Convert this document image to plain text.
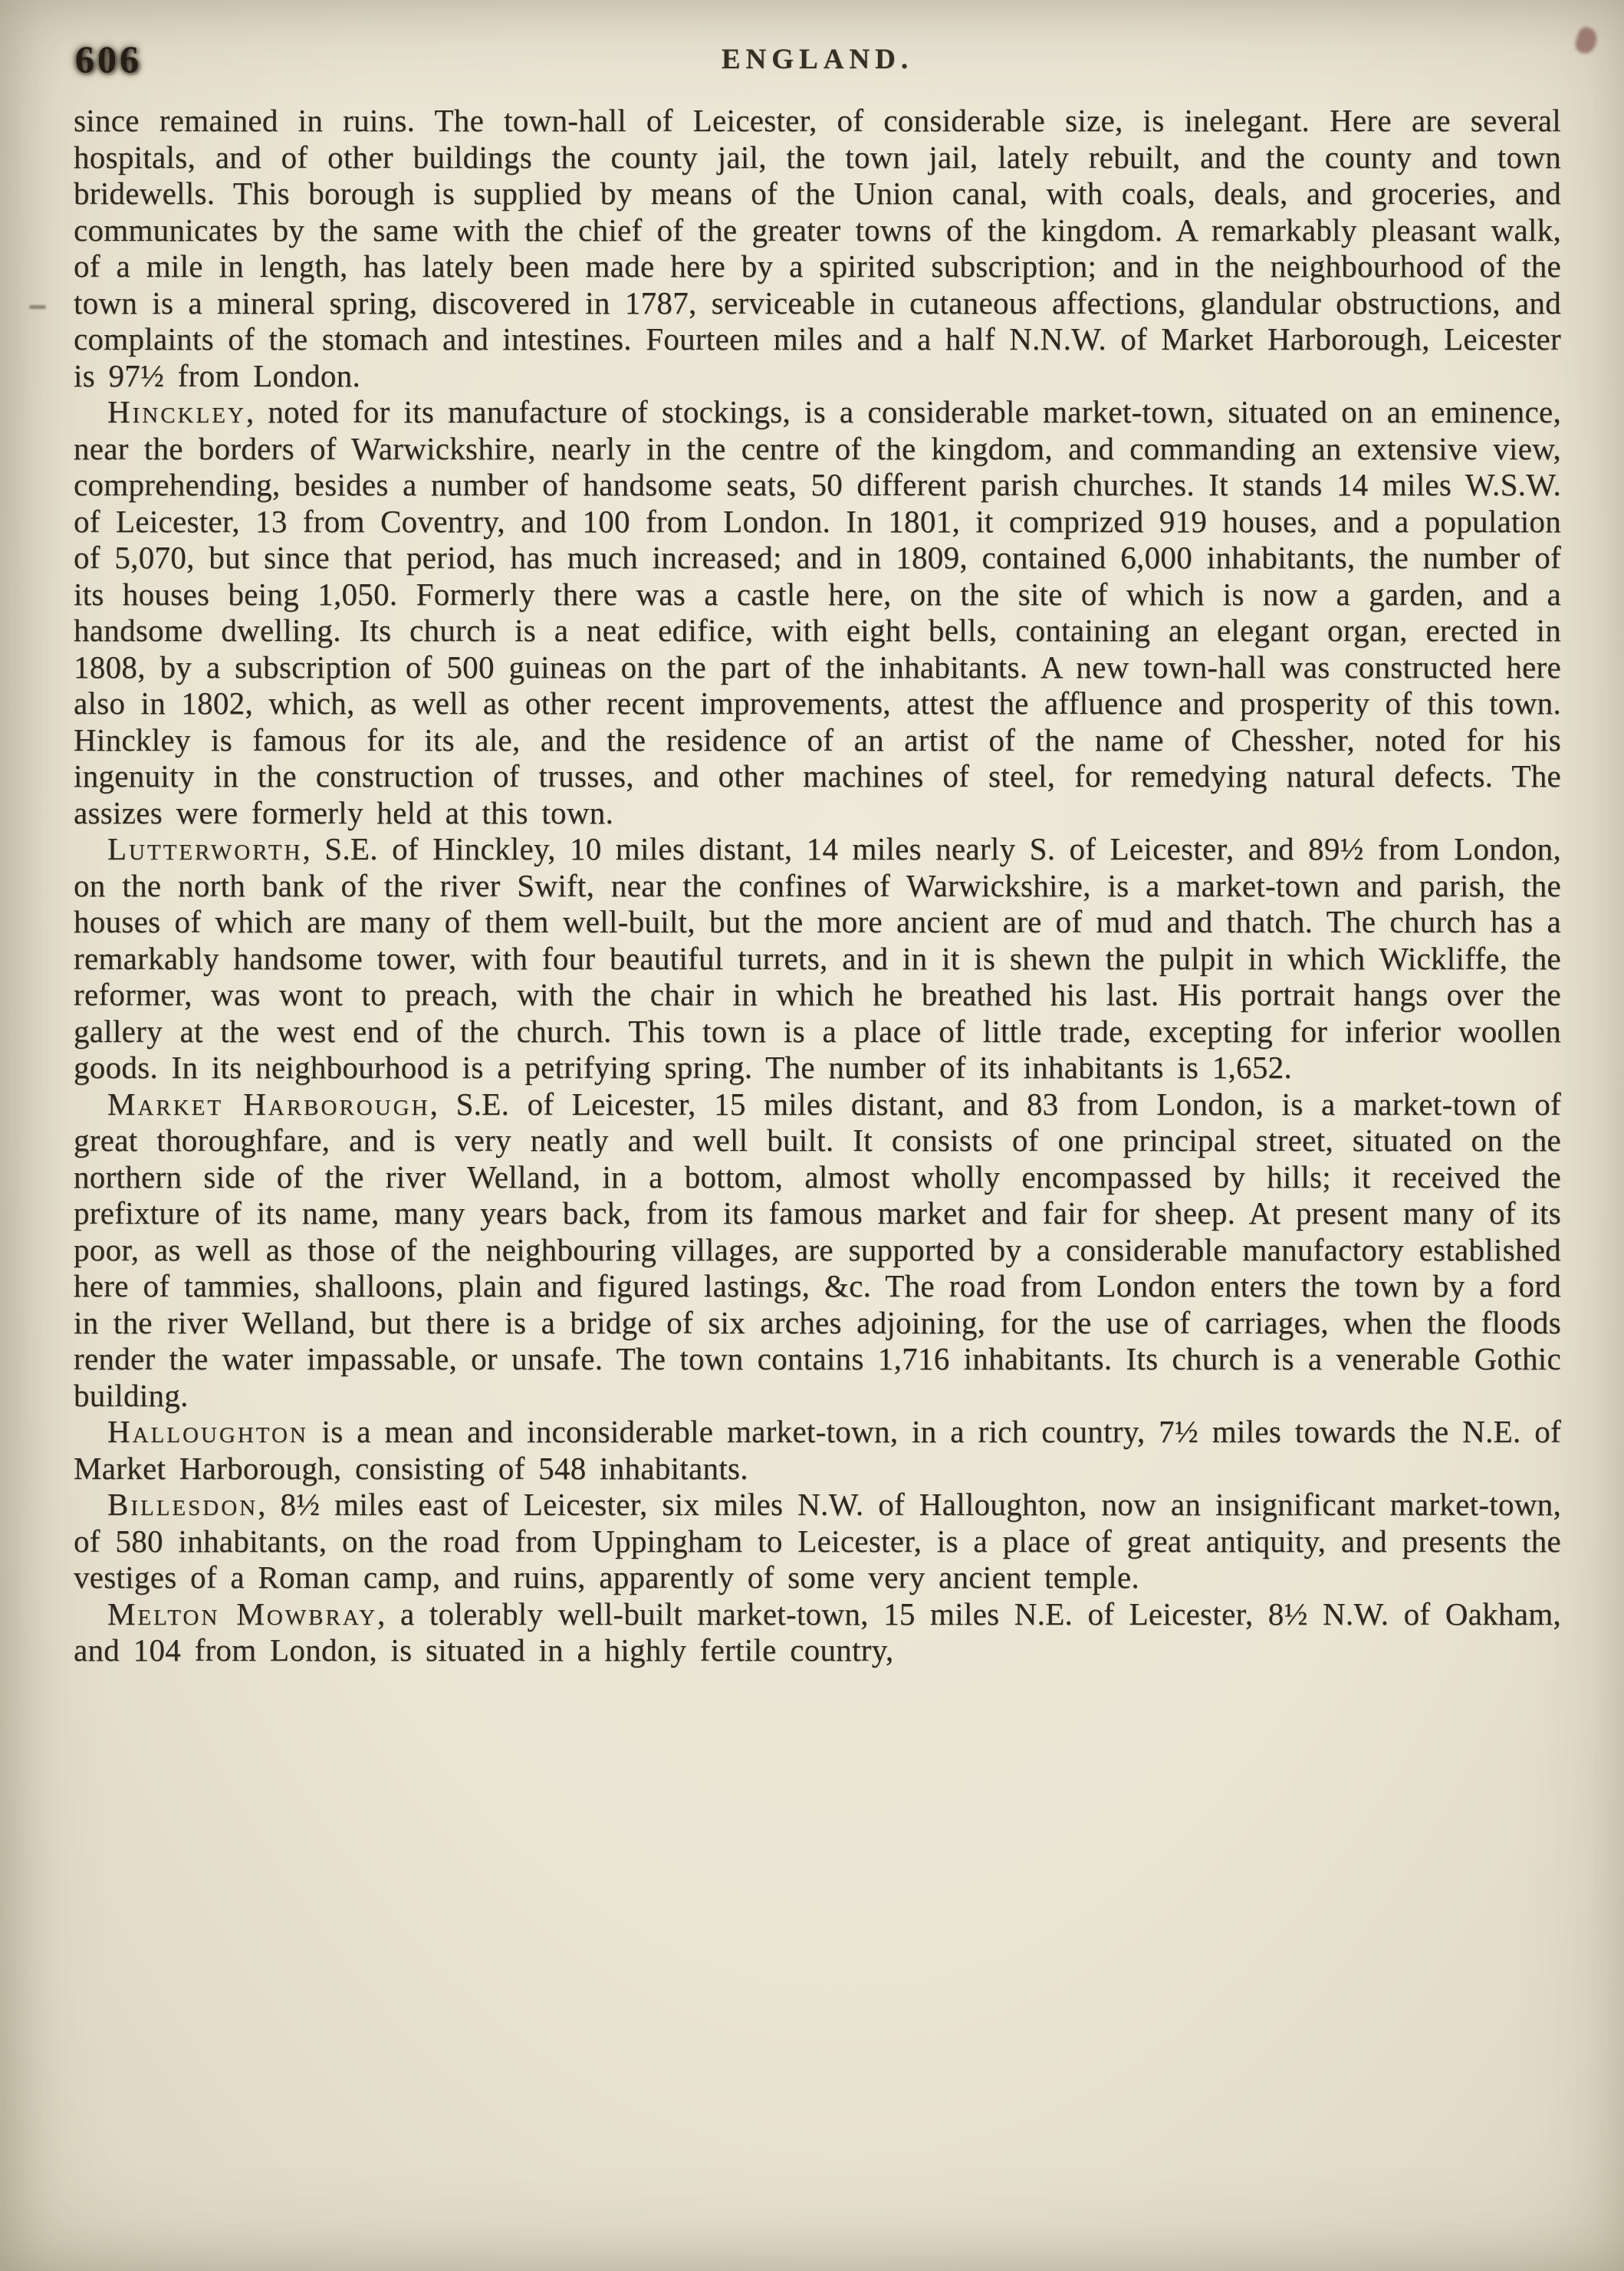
606	ENGLAND.

since remained in ruins. The town-hall of Leicester, of considerable size, is inelegant. Here are several hospitals, and of other buildings the county jail, the town jail, lately rebuilt, and the county and town bridewells. This borough is supplied by means of the Union canal, with coals, deals, and groceries, and communicates by the same with the chief of the greater towns of the kingdom. A remarkably pleasant walk, of a mile in length, has lately been made here by a spirited subscription; and in the neighbourhood of the town is a mineral spring, discovered in 1787, serviceable in cutaneous affections, glandular obstructions, and complaints of the stomach and intestines. Fourteen miles and a half N.N.W. of Market Harborough, Leicester is 97½ from London.

Hinckley, noted for its manufacture of stockings, is a considerable market-town, situated on an eminence, near the borders of Warwickshire, nearly in the centre of the kingdom, and commanding an extensive view, comprehending, besides a number of handsome seats, 50 different parish churches. It stands 14 miles W.S.W. of Leicester, 13 from Coventry, and 100 from London. In 1801, it comprized 919 houses, and a population of 5,070, but since that period, has much increased; and in 1809, contained 6,000 inhabitants, the number of its houses being 1,050. Formerly there was a castle here, on the site of which is now a garden, and a handsome dwelling. Its church is a neat edifice, with eight bells, containing an elegant organ, erected in 1808, by a subscription of 500 guineas on the part of the inhabitants. A new town-hall was constructed here also in 1802, which, as well as other recent improvements, attest the affluence and prosperity of this town. Hinckley is famous for its ale, and the residence of an artist of the name of Chessher, noted for his ingenuity in the construction of trusses, and other machines of steel, for remedying natural defects. The assizes were formerly held at this town.

Lutterworth, S.E. of Hinckley, 10 miles distant, 14 miles nearly S. of Leicester, and 89½ from London, on the north bank of the river Swift, near the confines of Warwickshire, is a market-town and parish, the houses of which are many of them well-built, but the more ancient are of mud and thatch. The church has a remarkably handsome tower, with four beautiful turrets, and in it is shewn the pulpit in which Wickliffe, the reformer, was wont to preach, with the chair in which he breathed his last. His portrait hangs over the gallery at the west end of the church. This town is a place of little trade, excepting for inferior woollen goods. In its neighbourhood is a petrifying spring. The number of its inhabitants is 1,652.

Market Harborough, S.E. of Leicester, 15 miles distant, and 83 from London, is a market-town of great thoroughfare, and is very neatly and well built. It consists of one principal street, situated on the northern side of the river Welland, in a bottom, almost wholly encompassed by hills; it received the prefixture of its name, many years back, from its famous market and fair for sheep. At present many of its poor, as well as those of the neighbouring villages, are supported by a considerable manufactory established here of tammies, shalloons, plain and figured lastings, &c. The road from London enters the town by a ford in the river Welland, but there is a bridge of six arches adjoining, for the use of carriages, when the floods render the water impassable, or unsafe. The town contains 1,716 inhabitants. Its church is a venerable Gothic building.

Halloughton is a mean and inconsiderable market-town, in a rich country, 7½ miles towards the N.E. of Market Harborough, consisting of 548 inhabitants.

Billesdon, 8½ miles east of Leicester, six miles N.W. of Halloughton, now an insignificant market-town, of 580 inhabitants, on the road from Uppingham to Leicester, is a place of great antiquity, and presents the vestiges of a Roman camp, and ruins, apparently of some very ancient temple.

Melton Mowbray, a tolerably well-built market-town, 15 miles N.E. of Leicester, 8½ N.W. of Oakham, and 104 from London, is situated in a highly fertile country,
